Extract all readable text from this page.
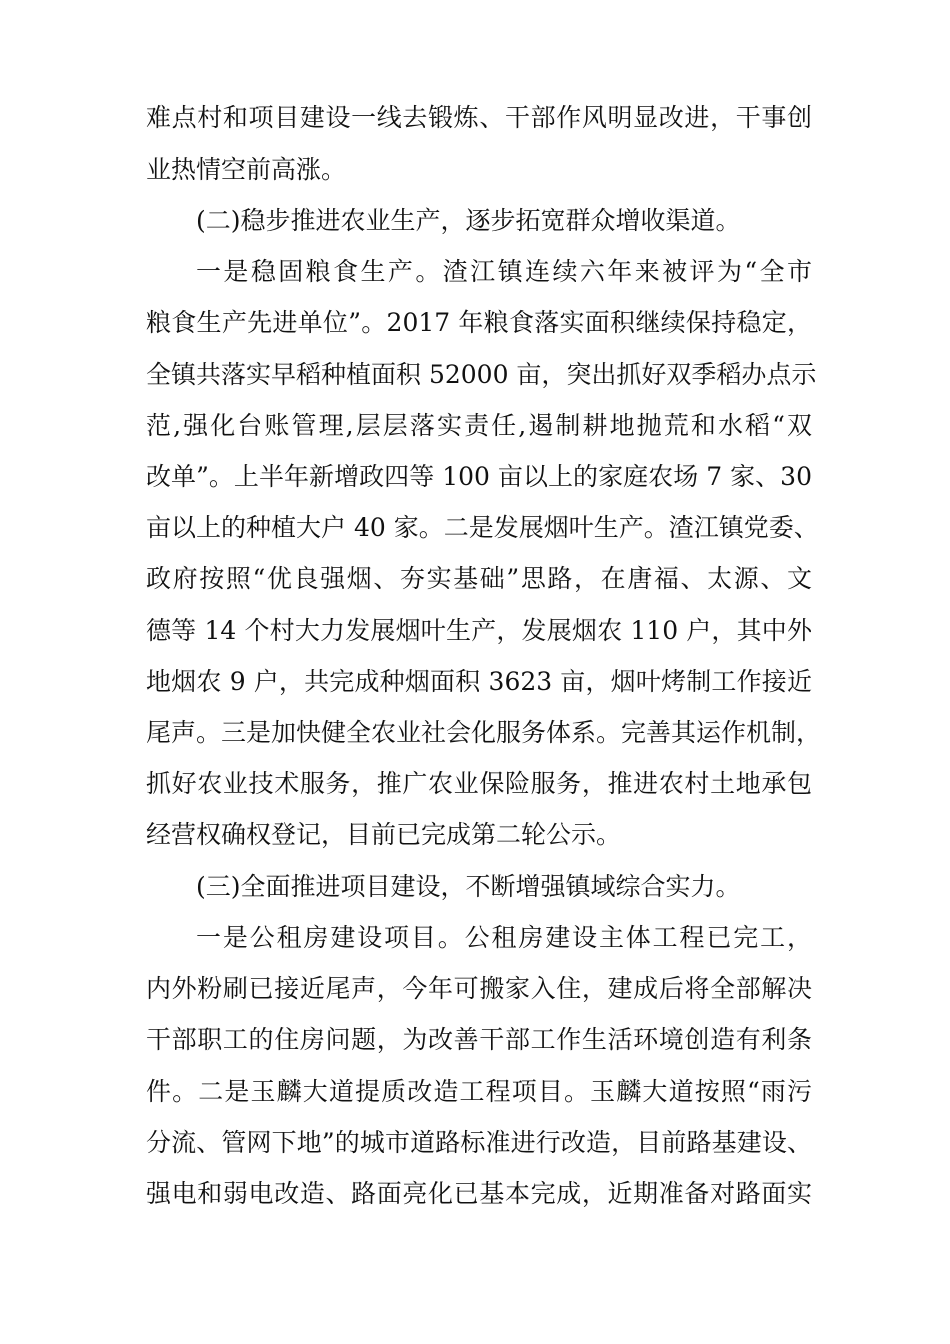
难点村和项目建设一线去锻炼、干部作风明显改进，干事创
业热情空前高涨。
(二)稳步推进农业生产，逐步拓宽群众增收渠道。
一是稳固粮食生产。渣江镇连续六年来被评为“全市
粮食生产先进单位”。2017 年粮食落实面积继续保持稳定，
全镇共落实早稻种植面积 52000 亩，突出抓好双季稻办点示
范,强化台账管理,层层落实责任,遏制耕地抛荒和水稻“双
改单”。上半年新增政四等 100 亩以上的家庭农场 7 家、30
亩以上的种植大户 40 家。二是发展烟叶生产。渣江镇党委、
政府按照“优良强烟、夯实基础”思路，在唐福、太源、文
德等 14 个村大力发展烟叶生产，发展烟农 110 户，其中外
地烟农 9 户，共完成种烟面积 3623 亩，烟叶烤制工作接近
尾声。三是加快健全农业社会化服务体系。完善其运作机制，
抓好农业技术服务，推广农业保险服务，推进农村土地承包
经营权确权登记，目前已完成第二轮公示。
(三)全面推进项目建设，不断增强镇域综合实力。
一是公租房建设项目。公租房建设主体工程已完工，
内外粉刷已接近尾声，今年可搬家入住，建成后将全部解决
干部职工的住房问题，为改善干部工作生活环境创造有利条
件。二是玉麟大道提质改造工程项目。玉麟大道按照“雨污
分流、管网下地”的城市道路标准进行改造，目前路基建设、
强电和弱电改造、路面亮化已基本完成，近期准备对路面实
